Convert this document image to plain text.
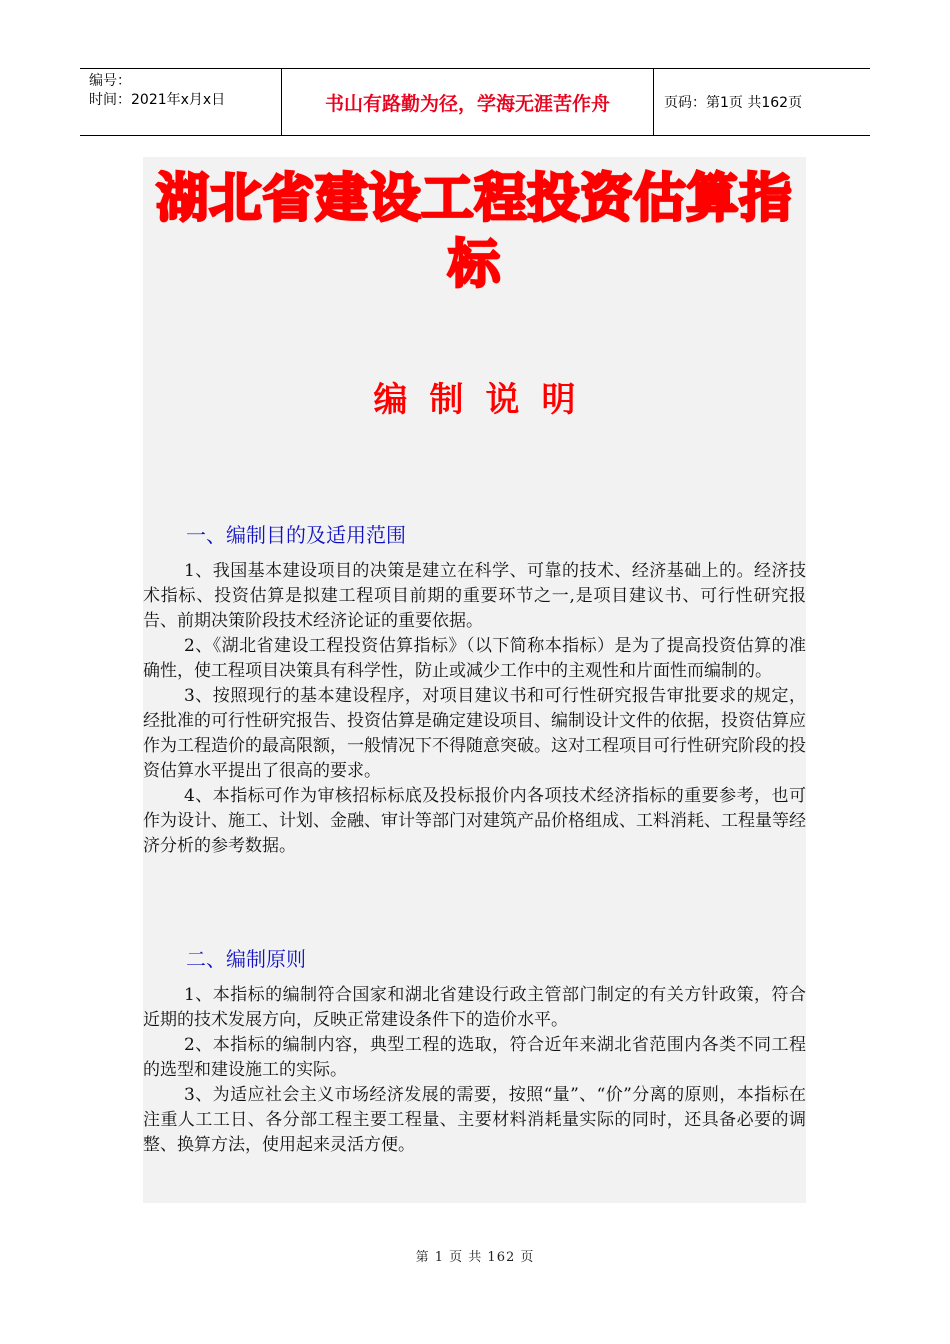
编号：
时间：2021年x月x日	书山有路勤为径，学海无涯苦作舟	页码：第1页 共162页
湖北省建设工程投资估算指标
编制说明
一、编制目的及适用范围

1、我国基本建设项目的决策是建立在科学、可靠的技术、经济基础上的。经济技术指标、投资估算是拟建工程项目前期的重要环节之一,是项目建议书、可行性研究报告、前期决策阶段技术经济论证的重要依据。

2、《湖北省建设工程投资估算指标》（以下简称本指标）是为了提高投资估算的准确性，使工程项目决策具有科学性，防止或减少工作中的主观性和片面性而编制的。

3、按照现行的基本建设程序，对项目建议书和可行性研究报告审批要求的规定，经批准的可行性研究报告、投资估算是确定建设项目、编制设计文件的依据，投资估算应作为工程造价的最高限额，一般情况下不得随意突破。这对工程项目可行性研究阶段的投资估算水平提出了很高的要求。

4、本指标可作为审核招标标底及投标报价内各项技术经济指标的重要参考，也可作为设计、施工、计划、金融、审计等部门对建筑产品价格组成、工料消耗、工程量等经济分析的参考数据。

二、编制原则

1、本指标的编制符合国家和湖北省建设行政主管部门制定的有关方针政策，符合近期的技术发展方向，反映正常建设条件下的造价水平。

2、本指标的编制内容，典型工程的选取，符合近年来湖北省范围内各类不同工程的选型和建设施工的实际。

3、为适应社会主义市场经济发展的需要，按照“量”、“价”分离的原则，本指标在注重人工工日、各分部工程主要工程量、主要材料消耗量实际的同时，还具备必要的调整、换算方法，使用起来灵活方便。

第 1 页 共 162 页
